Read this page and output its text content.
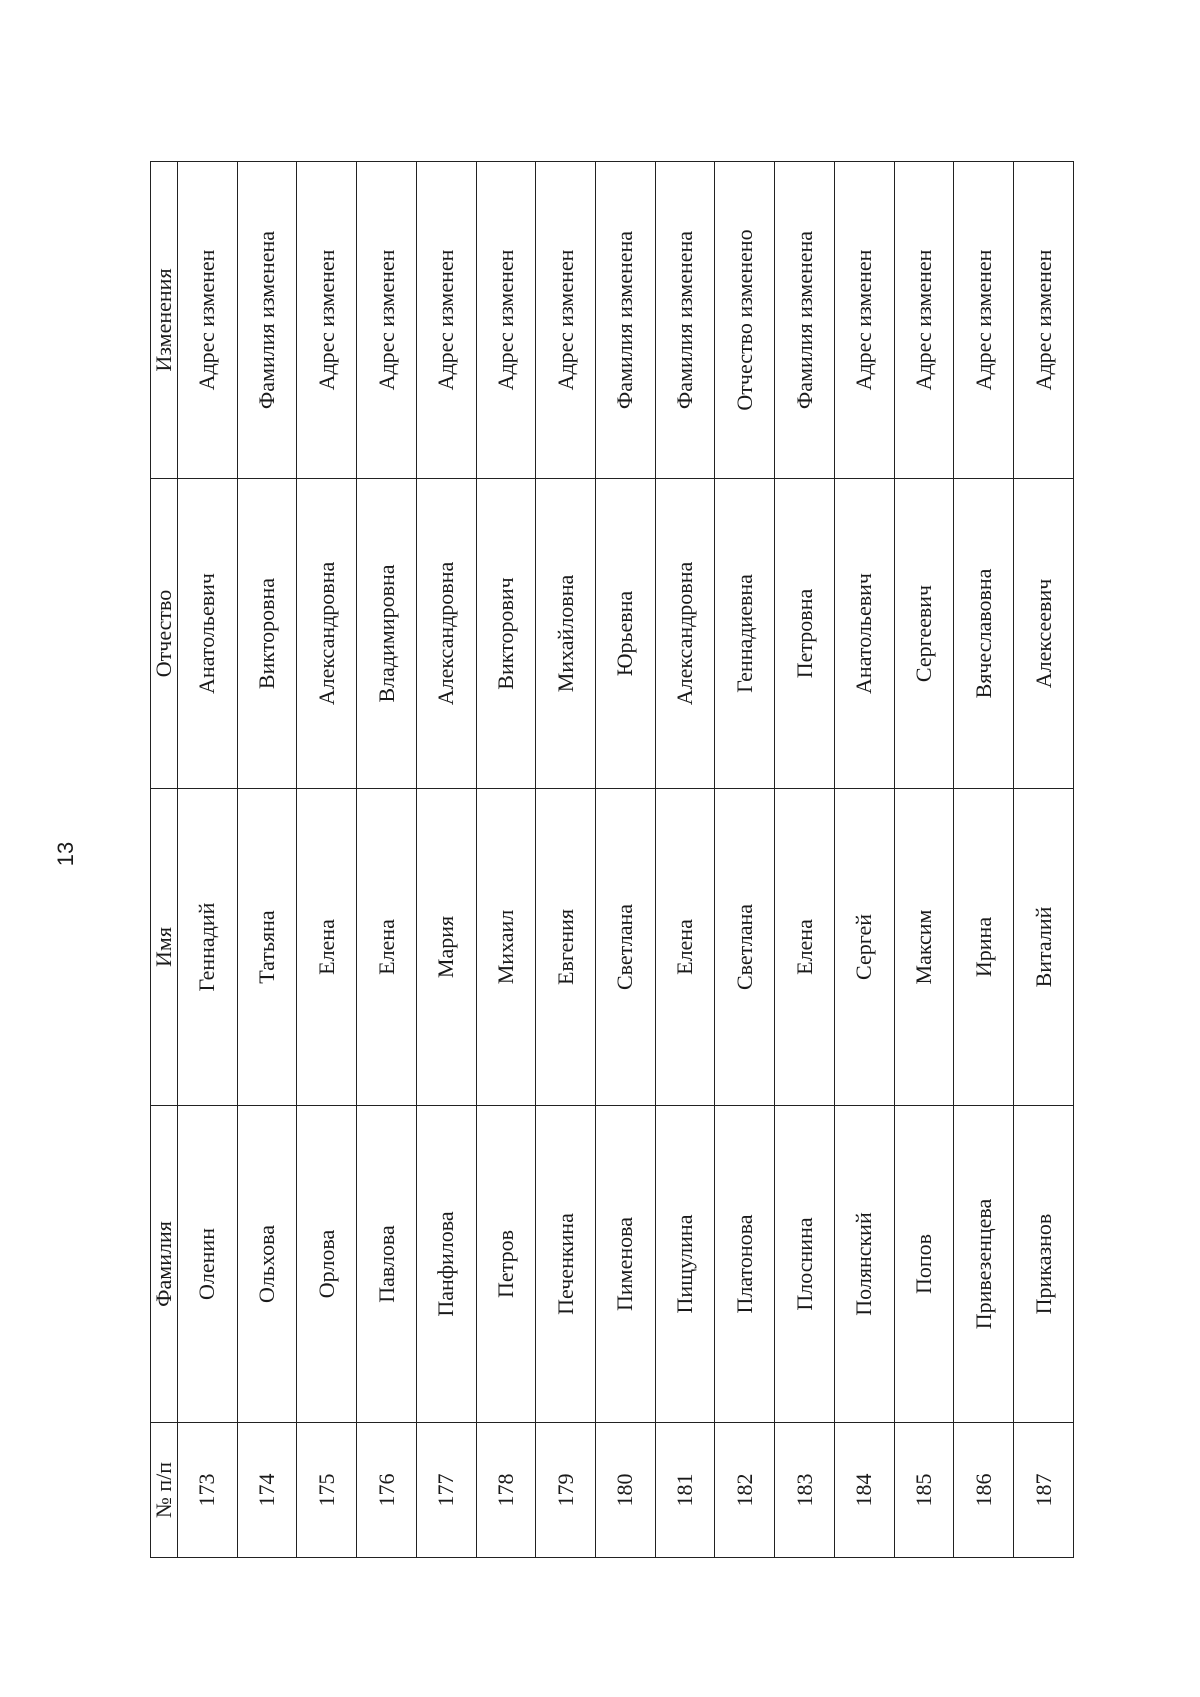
13
№ п/п	Фамилия	Имя	Отчество	Изменения
173	Оленин	Геннадий	Анатольевич	Адрес изменен
174	Ольхова	Татьяна	Викторовна	Фамилия изменена
175	Орлова	Елена	Александровна	Адрес изменен
176	Павлова	Елена	Владимировна	Адрес изменен
177	Панфилова	Мария	Александровна	Адрес изменен
178	Петров	Михаил	Викторович	Адрес изменен
179	Печенкина	Евгения	Михайловна	Адрес изменен
180	Пименова	Светлана	Юрьевна	Фамилия изменена
181	Пищулина	Елена	Александровна	Фамилия изменена
182	Платонова	Светлана	Геннадиевна	Отчество изменено
183	Плоснина	Елена	Петровна	Фамилия изменена
184	Полянский	Сергей	Анатольевич	Адрес изменен
185	Попов	Максим	Сергеевич	Адрес изменен
186	Привезенцева	Ирина	Вячеславовна	Адрес изменен
187	Приказнов	Виталий	Алексеевич	Адрес изменен
